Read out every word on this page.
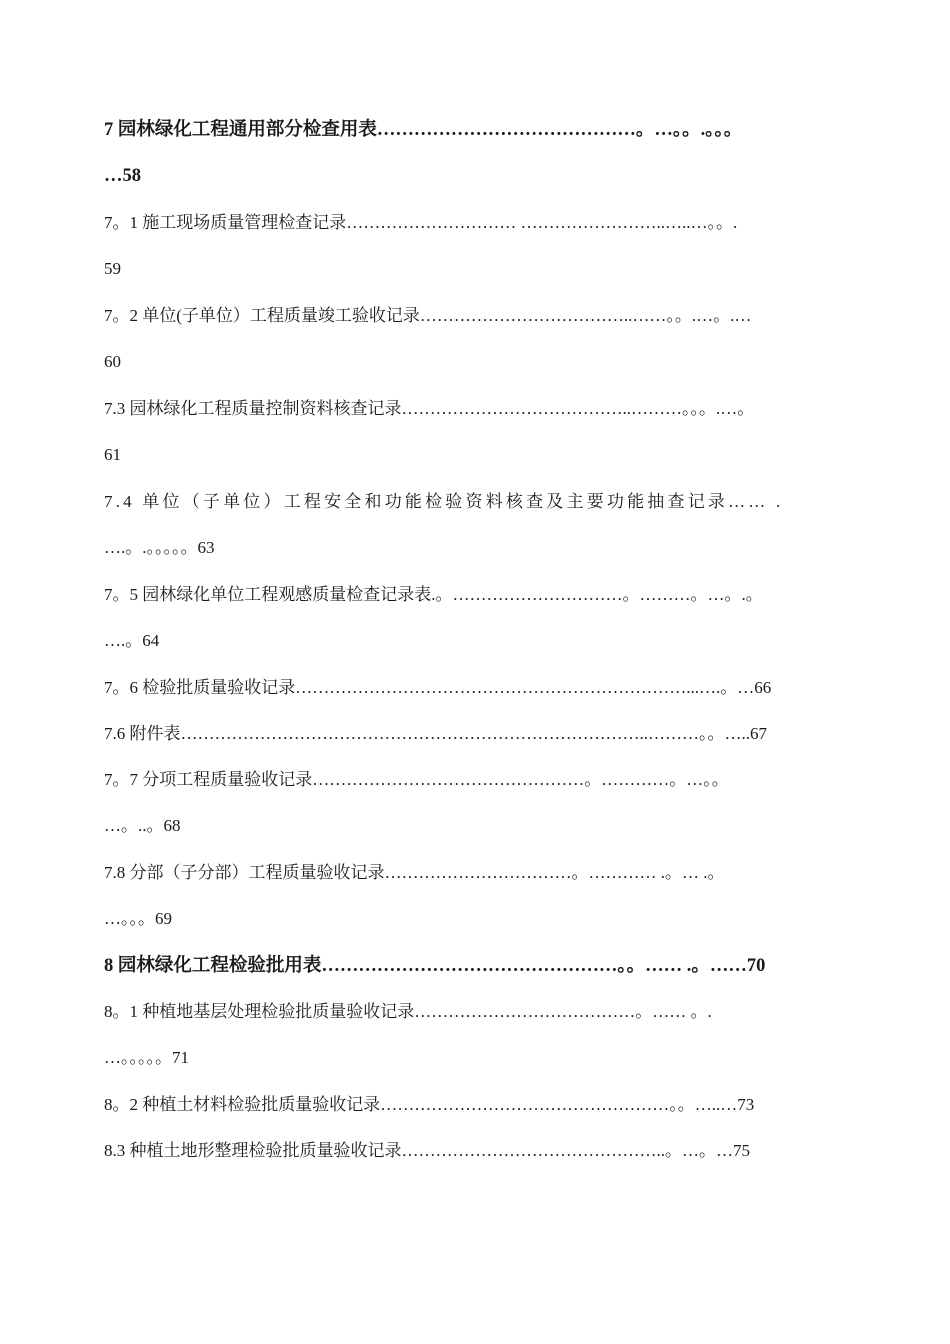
7 园林绿化工程通用部分检查用表……………………………………。…。。.。。。
…58
7。1 施工现场质量管理检查记录………………………… ……………………..…..…。。.
59
7。2 单位(子单位）工程质量竣工验收记录………………………………..……。。.…。.…
60
7.3 园林绿化工程质量控制资料核查记录…………………………………..………。。。.…。
61
7.4 单位（子单位）工程安全和功能检验资料核查及主要功能抽查记录…… .
….。.。。。。。63
7。5 园林绿化单位工程观感质量检查记录表.。…………………………。………。…。.。
….。64
7。6 检验批质量验收记录……………………………………………………………...….。…66
7.6 附件表………………………………………………………………………..………。。…..67
7。7 分项工程质量验收记录…………………………………………。…………。…。。
…。..。68
7.8 分部（子分部）工程质量验收记录……………………………。………… .。… .。
…。。。69
8 园林绿化工程检验批用表…………………………………………。。…… .。……70
8。1 种植地基层处理检验批质量验收记录…………………………………。…… 。.
…。。。。。71
8。2 种植土材料检验批质量验收记录……………………………………………。。…..…73
8.3 种植土地形整理检验批质量验收记录………………………………………..。…。…75
